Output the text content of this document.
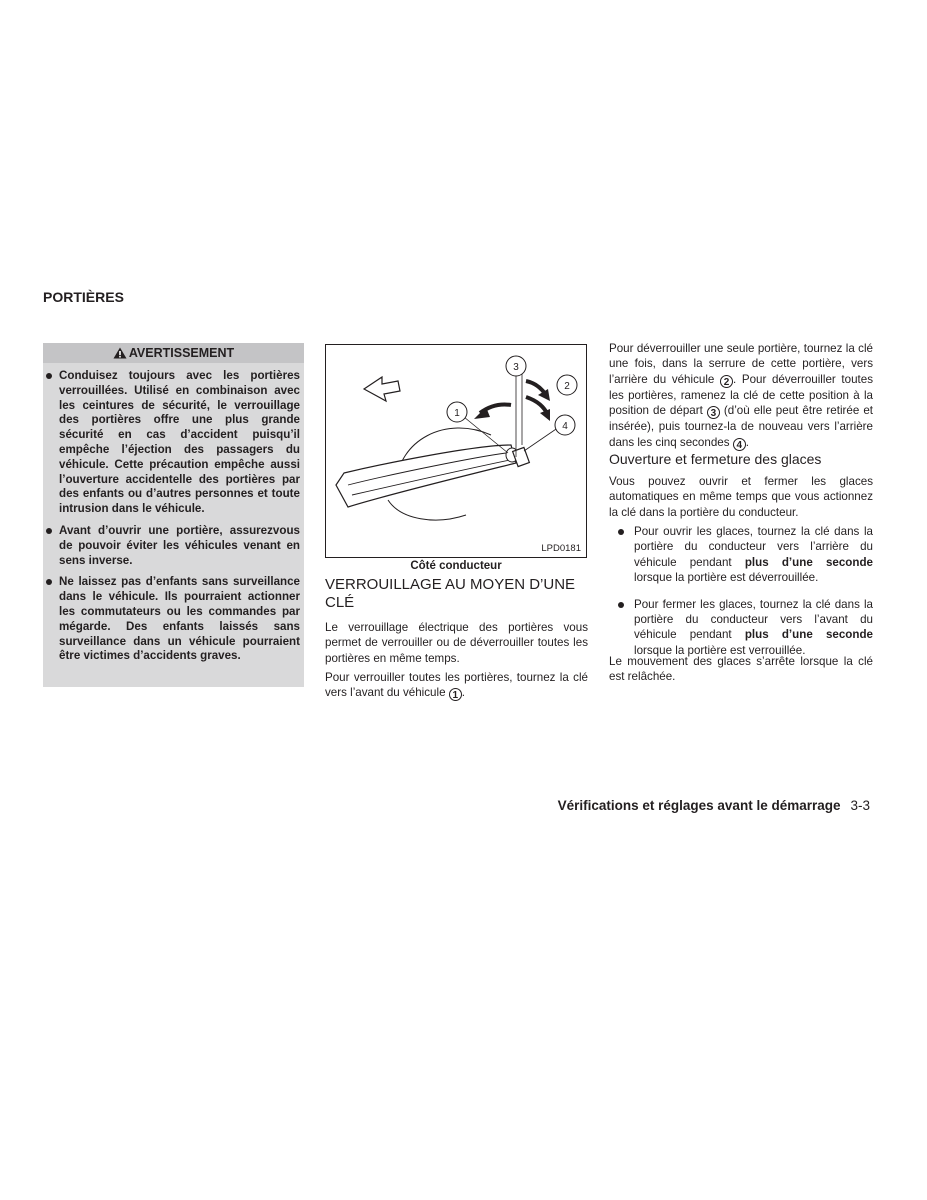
PORTIÈRES
AVERTISSEMENT
Conduisez toujours avec les portières verrouillées. Utilisé en combinaison avec les ceintures de sécurité, le verrouillage des portières offre une plus grande sécurité en cas d’accident puisqu’il empêche l’éjection des passagers du véhicule. Cette précaution empêche aussi l’ouverture accidentelle des portières par des enfants ou d’autres personnes et toute intrusion dans le véhicule.
Avant d’ouvrir une portière, assurezvous de pouvoir éviter les véhicules venant en sens inverse.
Ne laissez pas d’enfants sans surveillance dans le véhicule. Ils pourraient actionner les commutateurs ou les commandes par mégarde. Des enfants laissés sans surveillance dans un véhicule pourraient être victimes d’accidents graves.
1
3
2
4

LPD0181

Côté conducteur

VERROUILLAGE AU MOYEN D’UNE CLÉ

Le verrouillage électrique des portières vous permet de verrouiller ou de déverrouiller toutes les portières en même temps.

Pour verrouiller toutes les portières, tournez la clé vers l’avant du véhicule 1 .

Pour déverrouiller une seule portière, tournez la clé une fois, dans la serrure de cette portière, vers l’arrière du véhicule 2 . Pour déverrouiller toutes les portières, ramenez la clé de cette position à la position de départ 3 (d’où elle peut être retirée et insérée), puis tournez-la de nouveau vers l’arrière dans les cinq secondes 4 .

Ouverture et fermeture des glaces

Vous pouvez ouvrir et fermer les glaces automatiques en même temps que vous actionnez la clé dans la portière du conducteur.

Pour ouvrir les glaces, tournez la clé dans la portière du conducteur vers l’arrière du véhicule pendant plus d’une seconde lorsque la portière est déverrouillée.
Pour fermer les glaces, tournez la clé dans la portière du conducteur vers l’avant du véhicule pendant plus d’une seconde lorsque la portière est verrouillée.

Le mouvement des glaces s’arrête lorsque la clé est relâchée.

Vérifications et réglages avant le démarrage 3-3
